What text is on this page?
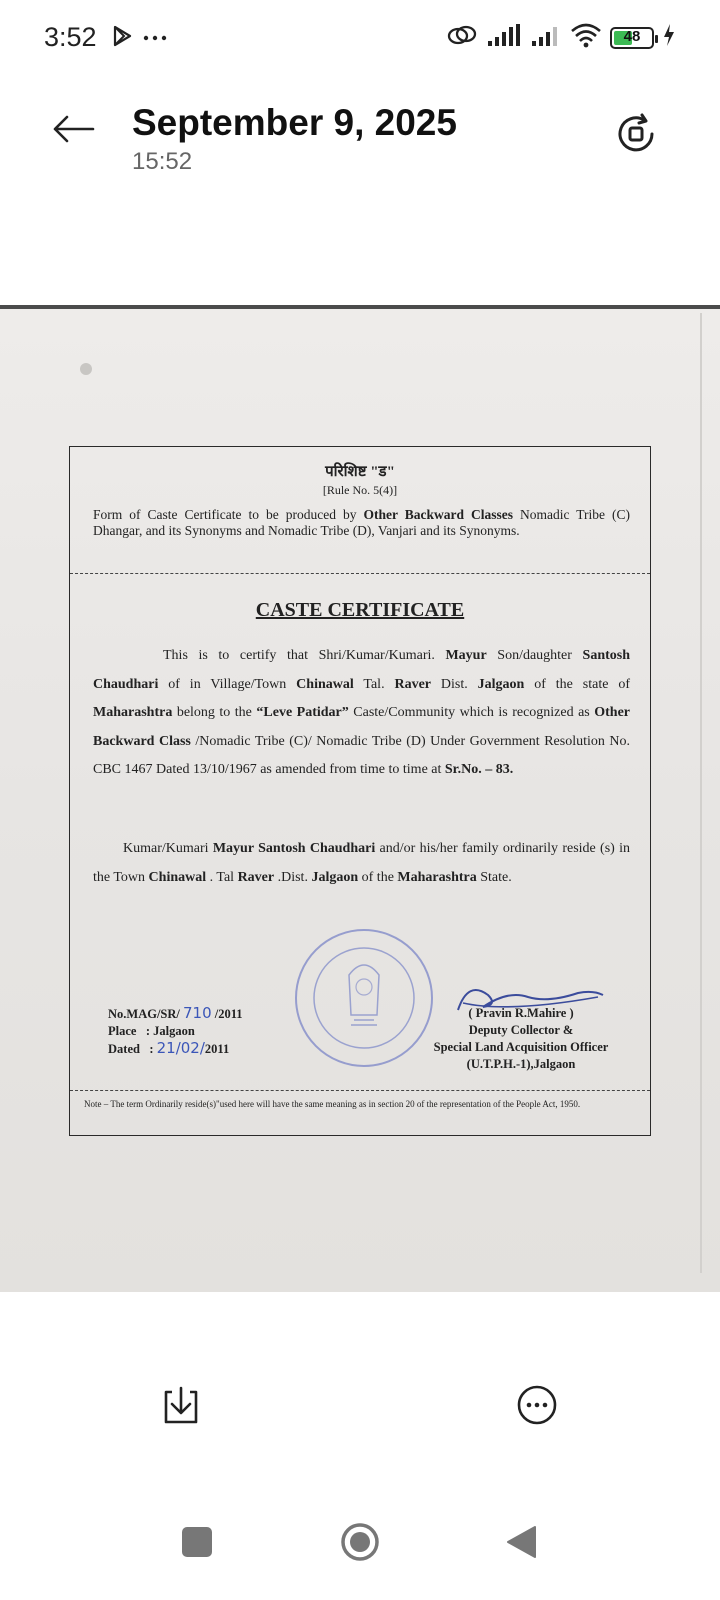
3:52	48
September 9, 2025
15:52
परिशिष्ट "ड"
[Rule No. 5(4)]
Form of Caste Certificate to be produced by Other Backward Classes Nomadic Tribe (C) Dhangar, and its Synonyms and Nomadic Tribe (D), Vanjari and its Synonyms.
CASTE CERTIFICATE
This is to certify that Shri/Kumar/Kumari. Mayur Son/daughter Santosh Chaudhari of in Village/Town Chinawal Tal. Raver Dist. Jalgaon of the state of Maharashtra belong to the “Leve Patidar” Caste/Community which is recognized as Other Backward Class /Nomadic Tribe (C)/ Nomadic Tribe (D) Under Government Resolution No. CBC 1467 Dated 13/10/1967 as amended from time to time at Sr.No. – 83.
Kumar/Kumari Mayur Santosh Chaudhari and/or his/her family ordinarily reside (s) in the Town Chinawal . Tal Raver .Dist. Jalgaon of the Maharashtra State.
No.MAG/SR/ 710 /2011
Place : Jalgaon
Dated   : 21/02/2011
( Pravin R.Mahire )
Deputy Collector &
Special Land Acquisition Officer
(U.T.P.H.-1),Jalgaon
Note – The term Ordinarily reside(s)"used here will have the same meaning as in section 20 of the representation of the People Act, 1950.
